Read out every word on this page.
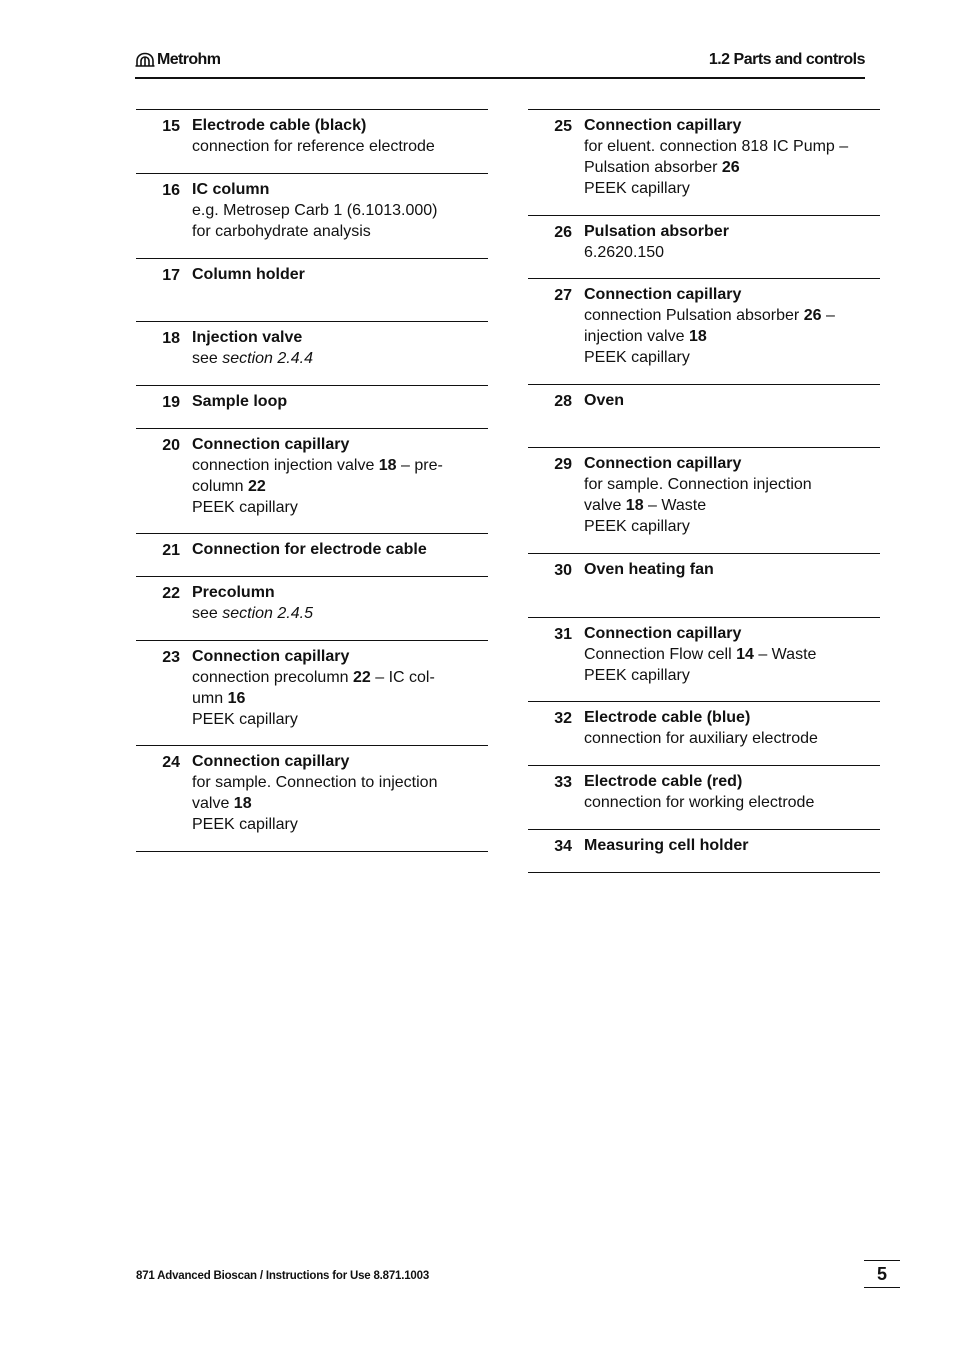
Metrohm	1.2 Parts and controls
15 Electrode cable (black)
connection for reference electrode
16 IC column
e.g. Metrosep Carb 1 (6.1013.000)
for carbohydrate analysis
17 Column holder
18 Injection valve
see section 2.4.4
19 Sample loop
20 Connection capillary
connection injection valve 18 – pre-
column 22
PEEK capillary
21 Connection for electrode cable
22 Precolumn
see section 2.4.5
23 Connection capillary
connection precolumn 22 – IC col-
umn 16
PEEK capillary
24 Connection capillary
for sample. Connection to injection
valve 18
PEEK capillary
25 Connection capillary
for eluent. connection 818 IC Pump –
Pulsation absorber 26
PEEK capillary
26 Pulsation absorber
6.2620.150
27 Connection capillary
connection Pulsation absorber 26 –
injection valve 18
PEEK capillary
28 Oven
29 Connection capillary
for sample. Connection injection
valve 18 – Waste
PEEK capillary
30 Oven heating fan
31 Connection capillary
Connection Flow cell 14 – Waste
PEEK capillary
32 Electrode cable (blue)
connection for auxiliary electrode
33 Electrode cable (red)
connection for working electrode
34 Measuring cell holder
871 Advanced Bioscan / Instructions for Use 8.871.1003	5
